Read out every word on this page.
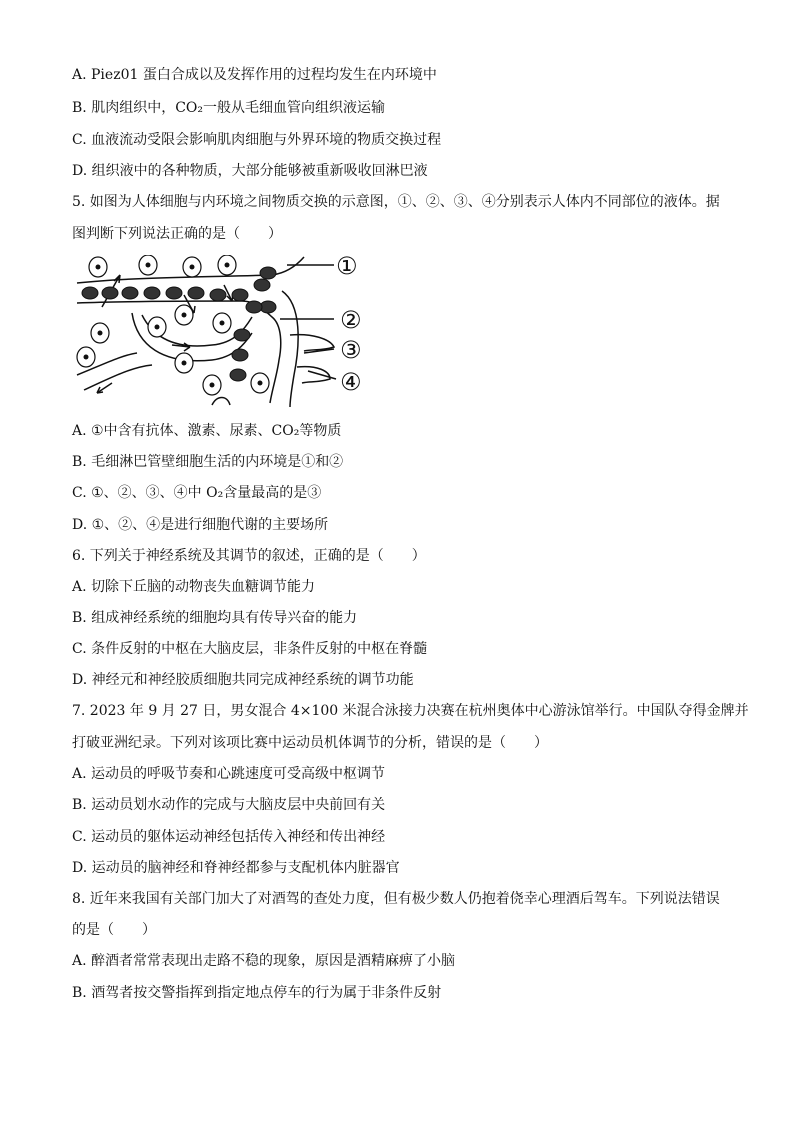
A. Piez01 蛋白合成以及发挥作用的过程均发生在内环境中
B. 肌肉组织中，CO₂一般从毛细血管向组织液运输
C. 血液流动受限会影响肌肉细胞与外界环境的物质交换过程
D. 组织液中的各种物质，大部分能够被重新吸收回淋巴液
5. 如图为人体细胞与内环境之间物质交换的示意图，①、②、③、④分别表示人体内不同部位的液体。据
图判断下列说法正确的是（　　）
①
②
③
④
A. ①中含有抗体、激素、尿素、CO₂等物质
B. 毛细淋巴管壁细胞生活的内环境是①和②
C. ①、②、③、④中 O₂含量最高的是③
D. ①、②、④是进行细胞代谢的主要场所
6. 下列关于神经系统及其调节的叙述，正确的是（　　）
A. 切除下丘脑的动物丧失血糖调节能力
B. 组成神经系统的细胞均具有传导兴奋的能力
C. 条件反射的中枢在大脑皮层，非条件反射的中枢在脊髓
D. 神经元和神经胶质细胞共同完成神经系统的调节功能
7. 2023 年 9 月 27 日，男女混合 4×100 米混合泳接力决赛在杭州奥体中心游泳馆举行。中国队夺得金牌并
打破亚洲纪录。下列对该项比赛中运动员机体调节的分析，错误的是（　　）
A. 运动员的呼吸节奏和心跳速度可受高级中枢调节
B. 运动员划水动作的完成与大脑皮层中央前回有关
C. 运动员的躯体运动神经包括传入神经和传出神经
D. 运动员的脑神经和脊神经都参与支配机体内脏器官
8. 近年来我国有关部门加大了对酒驾的查处力度，但有极少数人仍抱着侥幸心理酒后驾车。下列说法错误
的是（　　）
A. 醉酒者常常表现出走路不稳的现象，原因是酒精麻痹了小脑
B. 酒驾者按交警指挥到指定地点停车的行为属于非条件反射
